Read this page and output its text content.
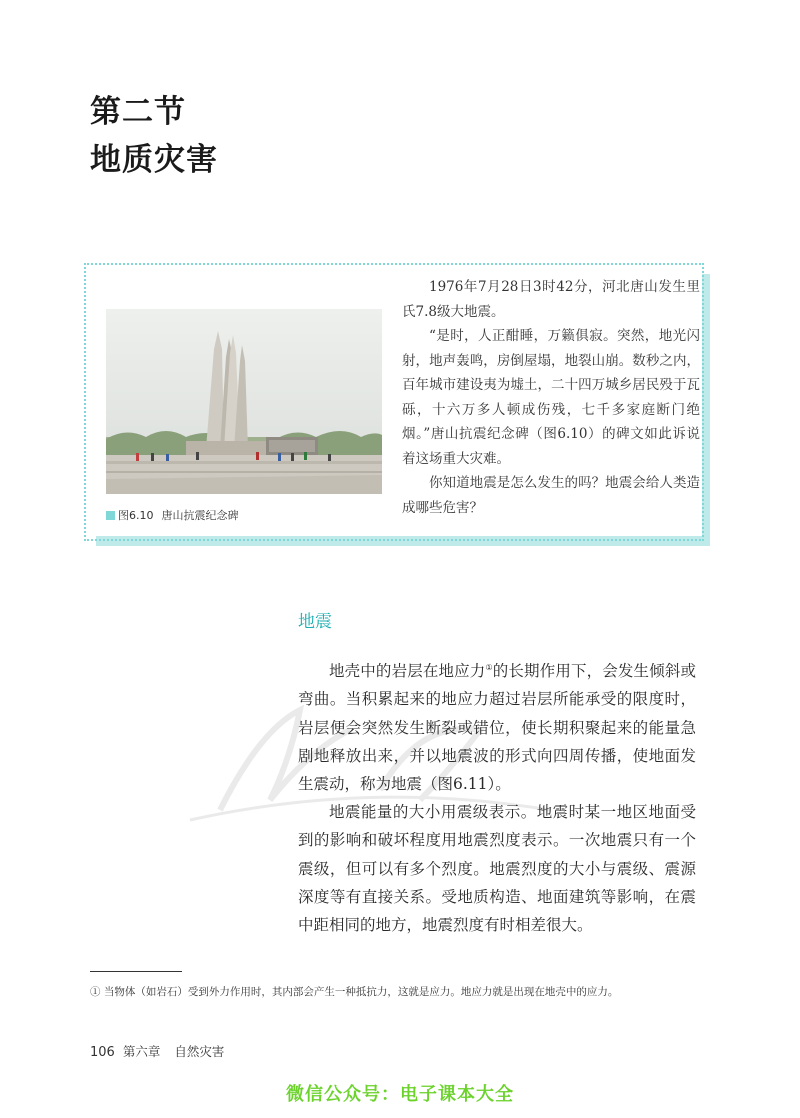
第二节
地质灾害
图6.10 唐山抗震纪念碑

1976年7月28日3时42分，河北唐山发生里氏7.8级大地震。

“是时，人正酣睡，万籁俱寂。突然，地光闪射，地声轰鸣，房倒屋塌，地裂山崩。数秒之内，百年城市建设夷为墟土，二十四万城乡居民殁于瓦砾，十六万多人顿成伤残，七千多家庭断门绝烟。”唐山抗震纪念碑（图6.10）的碑文如此诉说着这场重大灾难。

你知道地震是怎么发生的吗？地震会给人类造成哪些危害？

地震

地壳中的岩层在地应力①的长期作用下，会发生倾斜或弯曲。当积累起来的地应力超过岩层所能承受的限度时，岩层便会突然发生断裂或错位，使长期积聚起来的能量急剧地释放出来，并以地震波的形式向四周传播，使地面发生震动，称为地震（图6.11）。

地震能量的大小用震级表示。地震时某一地区地面受到的影响和破坏程度用地震烈度表示。一次地震只有一个震级，但可以有多个烈度。地震烈度的大小与震级、震源深度等有直接关系。受地质构造、地面建筑等影响，在震中距相同的地方，地震烈度有时相差很大。

① 当物体（如岩石）受到外力作用时，其内部会产生一种抵抗力，这就是应力。地应力就是出现在地壳中的应力。
106 第六章 自然灾害
微信公众号：电子课本大全
